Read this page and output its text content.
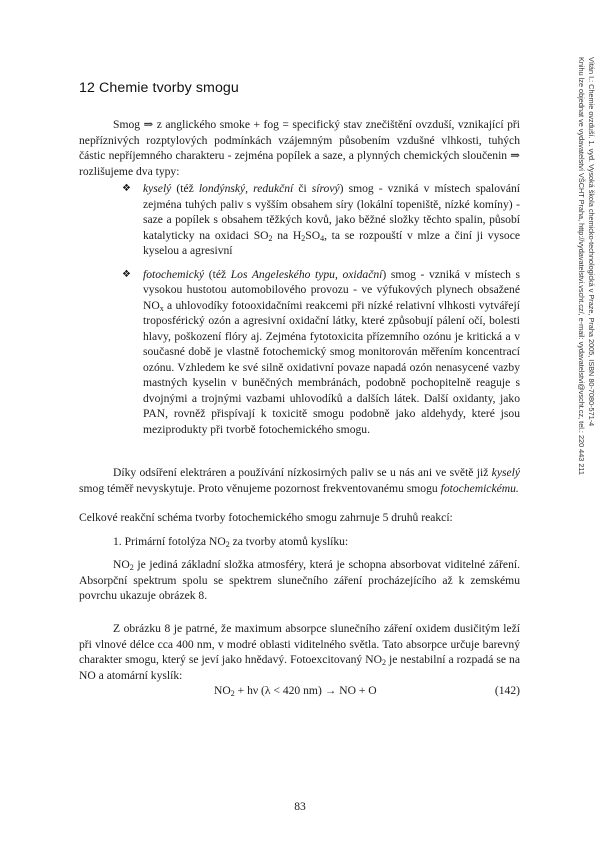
12 Chemie tvorby smogu	Vítán I.: Chemie ovzduší. 1. vyd. Vysoká škola chemicko-technologická v Praze, Praha 2005, ISBN 80-7080-571-4
Knihu lze objednat ve vydavatelství VŠCHT Praha, http://vydavatelstvi.vscht.cz/, e-mail: vydavatelstvi@vscht.cz, tel.: 220 443 211
Smog ⇒ z anglického smoke + fog = specifický stav znečištění ovzduší, vznikající při nepříznivých rozptylových podmínkách vzájemným působením vzdušné vlhkosti, tuhých částic nepříjemného charakteru - zejména popílek a saze, a plynných chemických sloučenin ⇒ rozlišujeme dva typy:
❖ kyselý (též londýnský, redukční či sírový) smog - vzniká v místech spalování zejména tuhých paliv s vyšším obsahem síry (lokální topeniště, nízké komíny) - saze a popílek s obsahem těžkých kovů, jako běžné složky těchto spalin, působí katalyticky na oxidaci $SO_2$ na $H_2SO_4$, ta se rozpouští v mlze a činí ji vysoce kyselou a agresivní
❖ fotochemický (též Los Angeleského typu, oxidační) smog - vzniká v místech s vysokou hustotou automobilového provozu - ve výfukových plynech obsažené $NO_x$ a uhlovodíky fotooxidačními reakcemi při nízké relativní vlhkosti vytvářejí troposférický ozón a agresivní oxidační látky, které způsobují pálení očí, bolesti hlavy, poškození flóry aj. Zejména fytotoxicita přízemního ozónu je kritická a v současné době je vlastně fotochemický smog monitorován měřením koncentrací ozónu. Vzhledem ke své silně oxidativní povaze napadá ozón nenasycené vazby mastných kyselin v buněčných membránách, podobně pochopitelně reaguje s dvojnými a trojnými vazbami uhlovodíků a dalších látek. Další oxidanty, jako PAN, rovněž přispívají k toxicitě smogu podobně jako aldehydy, které jsou meziprodukty při tvorbě fotochemického smogu.
Díky odsíření elektráren a používání nízkosirných paliv se u nás ani ve světě již kyselý smog téměř nevyskytuje. Proto věnujeme pozornost frekventovanému smogu fotochemickému.
Celkové reakční schéma tvorby fotochemického smogu zahrnuje 5 druhů reakcí:
1. Primární fotolýza $NO_2$ za tvorby atomů kyslíku:
$NO_2$ je jediná základní složka atmosféry, která je schopna absorbovat viditelné záření. Absorpční spektrum spolu se spektrem slunečního záření procházejícího až k zemskému povrchu ukazuje obrázek 8.
Z obrázku 8 je patrné, že maximum absorpce slunečního záření oxidem dusičitým leží při vlnové délce cca 400 nm, v modré oblasti viditelného světla. Tato absorpce určuje barevný charakter smogu, který se jeví jako hnědavý. Fotoexcitovaný $NO_2$ je nestabilní a rozpadá se na NO a atomární kyslík:
$NO_2 + h\nu$ (λ < 420 nm) → NO + O	(142)
83
